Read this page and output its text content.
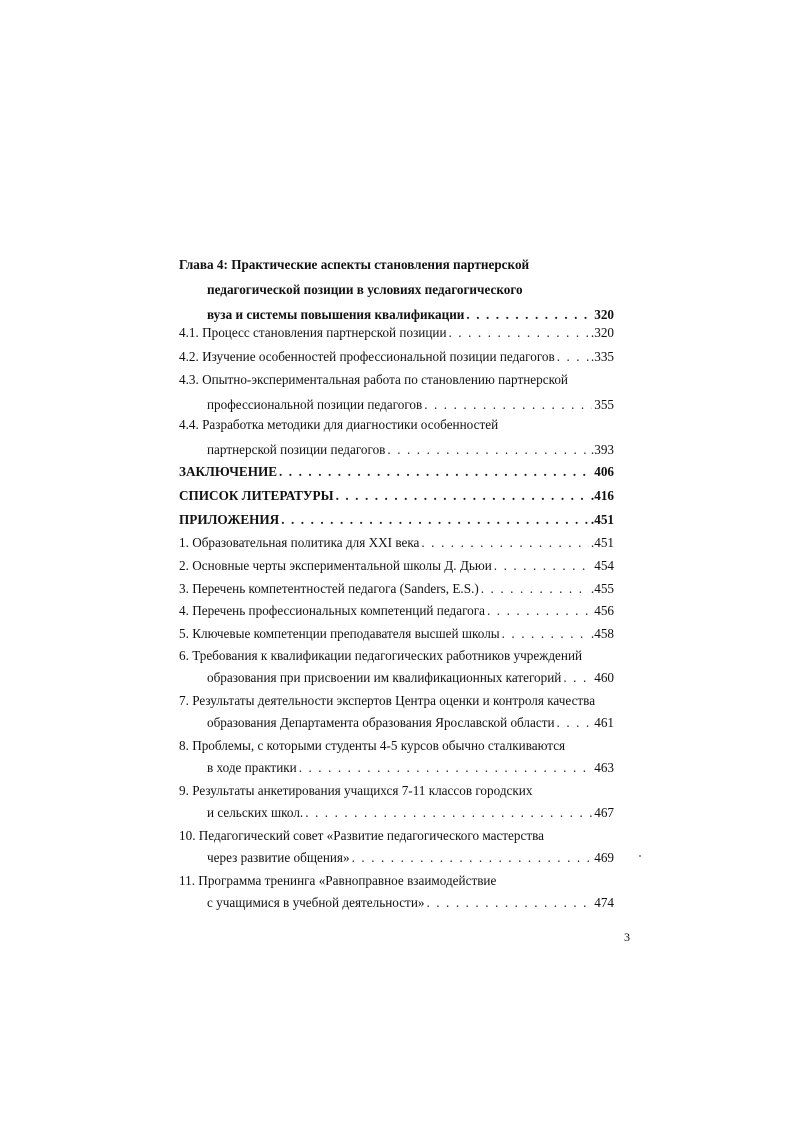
Глава 4: Практические аспекты становления партнерской
педагогической позиции в условиях педагогического
вуза и системы повышения квалификации . . .	320
4.1. Процесс становления партнерской позиции . . .	.320
4.2. Изучение особенностей профессиональной позиции педагогов . . .	.335
4.3. Опытно-экспериментальная работа по становлению партнерской
профессиональной позиции педагогов . . .	355
4.4. Разработка методики для диагностики особенностей
партнерской позиции педагогов . . .	.393
ЗАКЛЮЧЕНИЕ . . .	406
СПИСОК ЛИТЕРАТУРЫ . . .	.416
ПРИЛОЖЕНИЯ . . .	.451
1. Образовательная политика для XXI века . . .	.451
2. Основные черты экспериментальной школы Д. Дьюи . . .	454
3. Перечень компетентностей педагога (Sanders, E.S.) . . .	.455
4. Перечень профессиональных компетенций педагога . . .	456
5. Ключевые компетенции преподавателя высшей школы . . .	.458
6. Требования к квалификации педагогических работников учреждений
образования при присвоении им квалификационных категорий . . . 460
7. Результаты деятельности экспертов Центра оценки и контроля качества
образования Департамента образования Ярославской области . . .	461
8. Проблемы, с которыми студенты 4-5 курсов обычно сталкиваются
в ходе практики . . .	463
9. Результаты анкетирования учащихся 7-11 классов городских
и сельских школ. . . .	467
10. Педагогический совет «Развитие педагогического мастерства
через развитие общения» . . .	469
11. Программа тренинга «Равноправное взаимодействие
с учащимися в учебной деятельности» . . .	474
3
